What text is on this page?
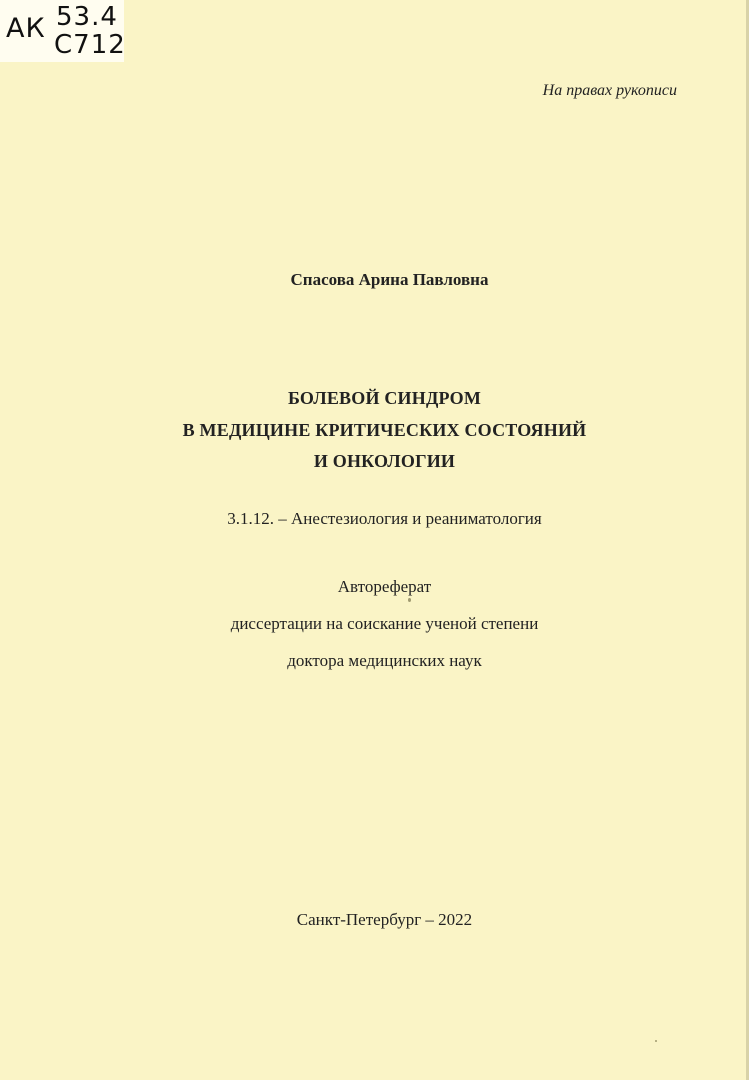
АК 53.4
С712
На правах рукописи
Спасова Арина Павловна
БОЛЕВОЙ СИНДРОМ
В МЕДИЦИНЕ КРИТИЧЕСКИХ СОСТОЯНИЙ
И ОНКОЛОГИИ
3.1.12. – Анестезиология и реаниматология
Автореферат
диссертации на соискание ученой степени
доктора медицинских наук
Санкт-Петербург – 2022
